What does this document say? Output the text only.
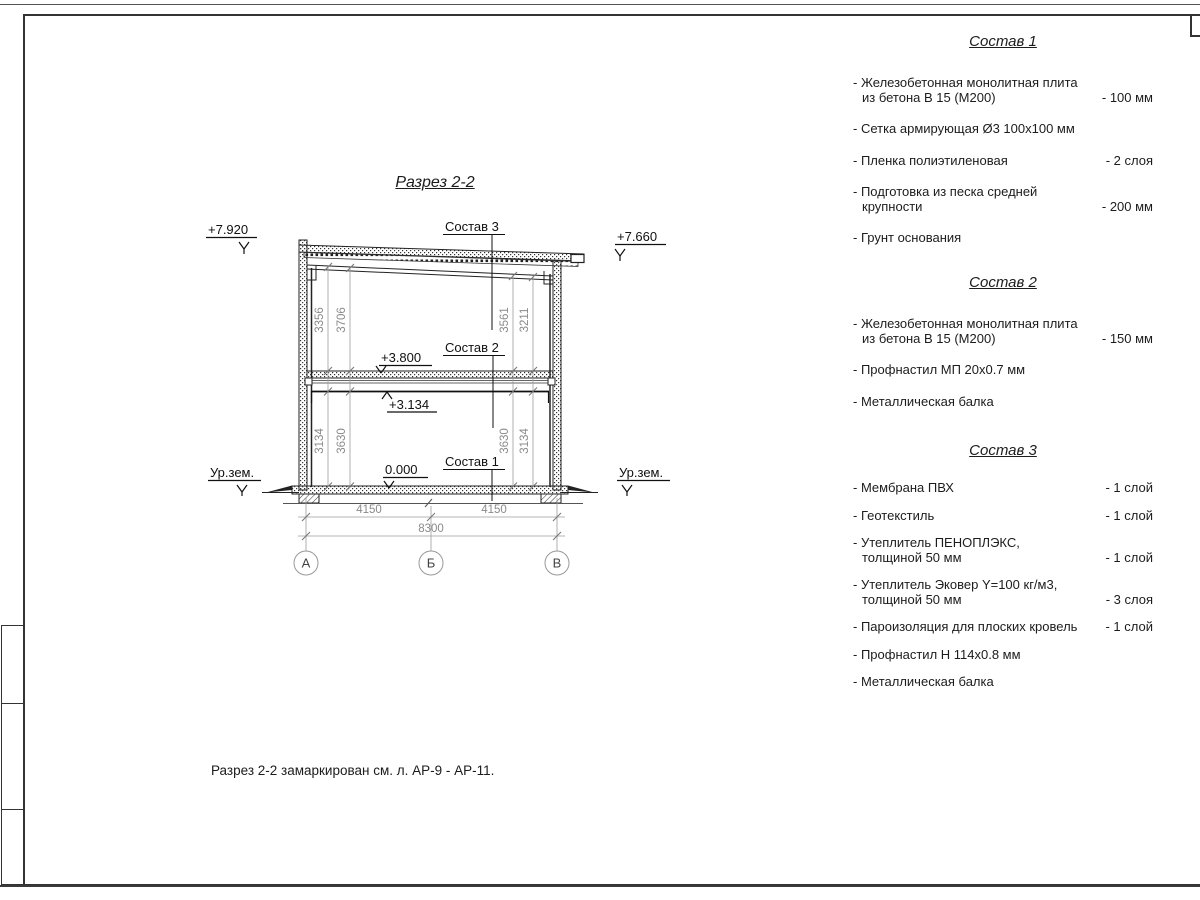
Разрез 2-2
3356 3706	3561 3211
3134 3630	3630 3134
4150	4150
8300
А	Б	В
Состав 3
Состав 2
Состав 1
+7.920	+7.660
+3.800
+3.134
0.000
Ур.зем.	Ур.зем.
Состав 1
- Железобетонная монолитная плита
из бетона В 15 (М200)	- 100 мм
- Сетка армирующая Ø3 100x100 мм
- Пленка полиэтиленовая	- 2 слоя
- Подготовка из песка средней
крупности	- 200 мм
- Грунт основания
Состав 2
- Железобетонная монолитная плита
из бетона В 15 (М200)	- 150 мм
- Профнастил МП 20x0.7 мм
- Металлическая балка
Состав 3
- Мембрана ПВХ	- 1 слой
- Геотекстиль	- 1 слой
- Утеплитель ПЕНОПЛЭКС,
толщиной 50 мм	- 1 слой
- Утеплитель Эковер Y=100 кг/м3,
толщиной 50 мм	- 3 слоя
- Пароизоляция для плоских кровель	- 1 слой
- Профнастил Н 114x0.8 мм
- Металлическая балка
Разрез 2-2 замаркирован см. л. АР-9 - АР-11.
